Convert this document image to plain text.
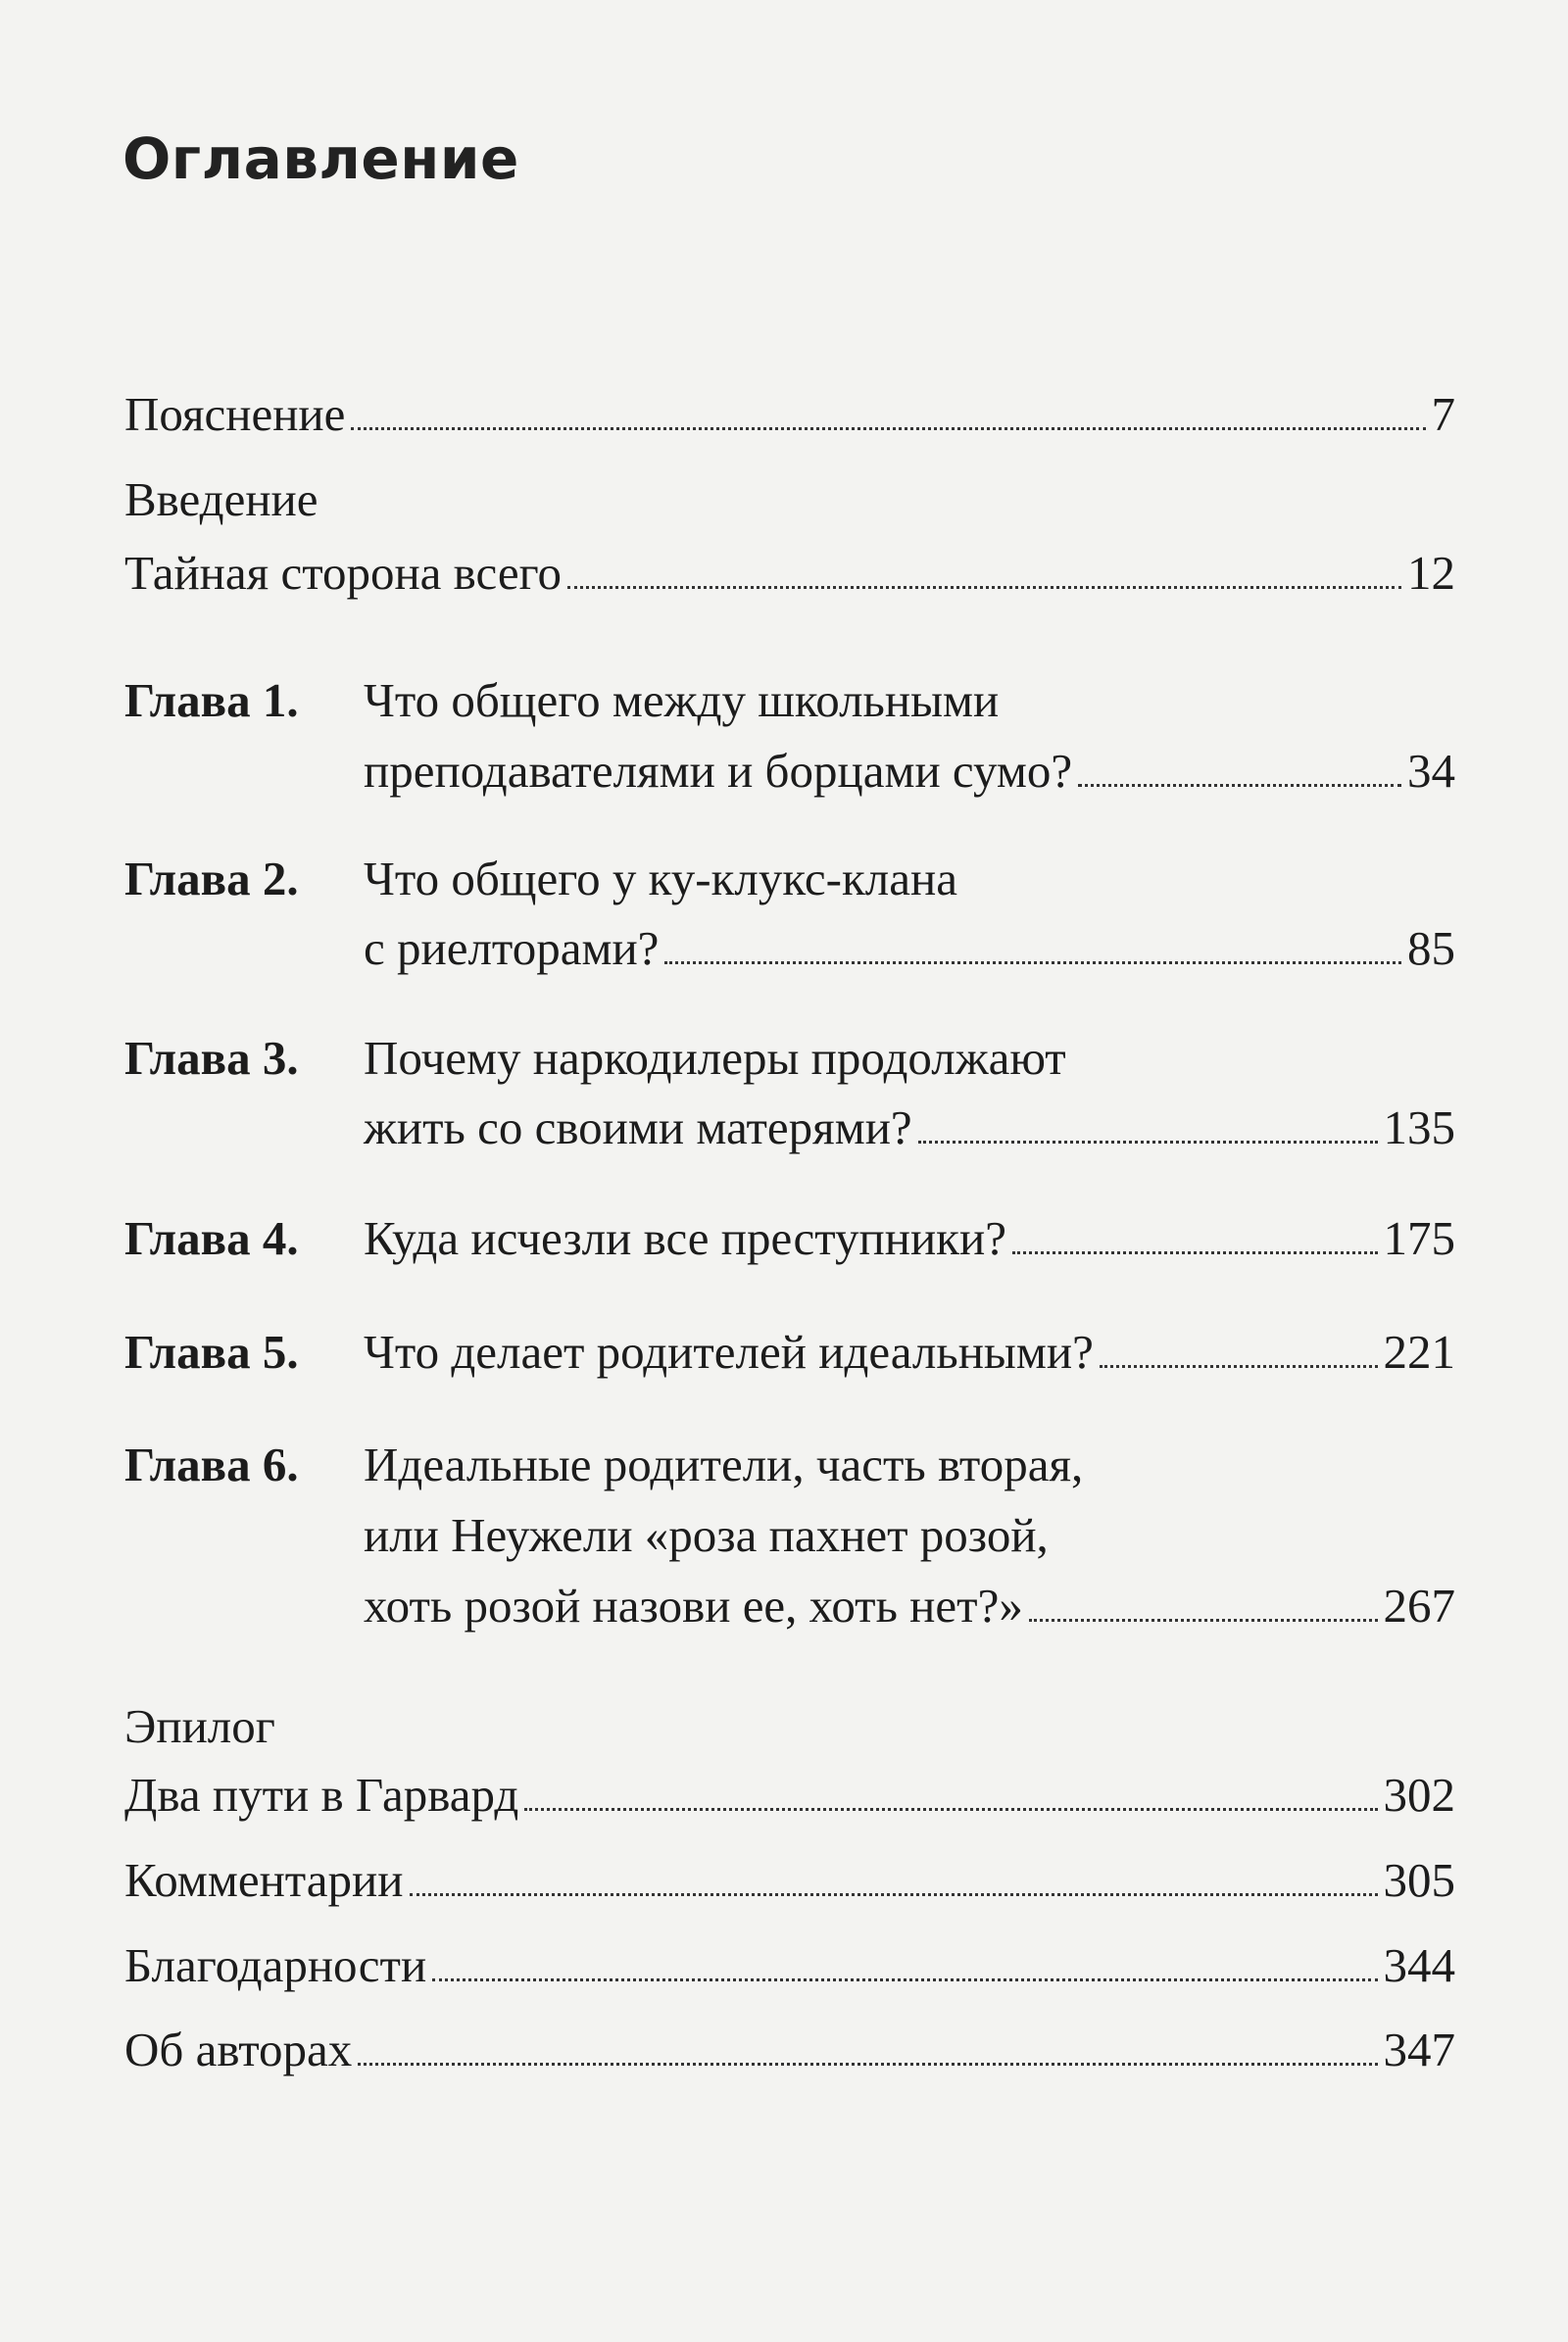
Оглавление
Пояснение	7
Введение
Тайная сторона всего	12
Глава 1. Что общего между школьными
преподавателями и борцами сумо?	34
Глава 2. Что общего у ку-клукс-клана
с риелторами?	85
Глава 3. Почему наркодилеры продолжают
жить со своими матерями?	135
Глава 4. Куда исчезли все преступники?	175
Глава 5. Что делает родителей идеальными?	221
Глава 6. Идеальные родители, часть вторая,
или Неужели «роза пахнет розой,
хоть розой назови ее, хоть нет?»	267
Эпилог
Два пути в Гарвард	302
Комментарии	305
Благодарности	344
Об авторах	347
